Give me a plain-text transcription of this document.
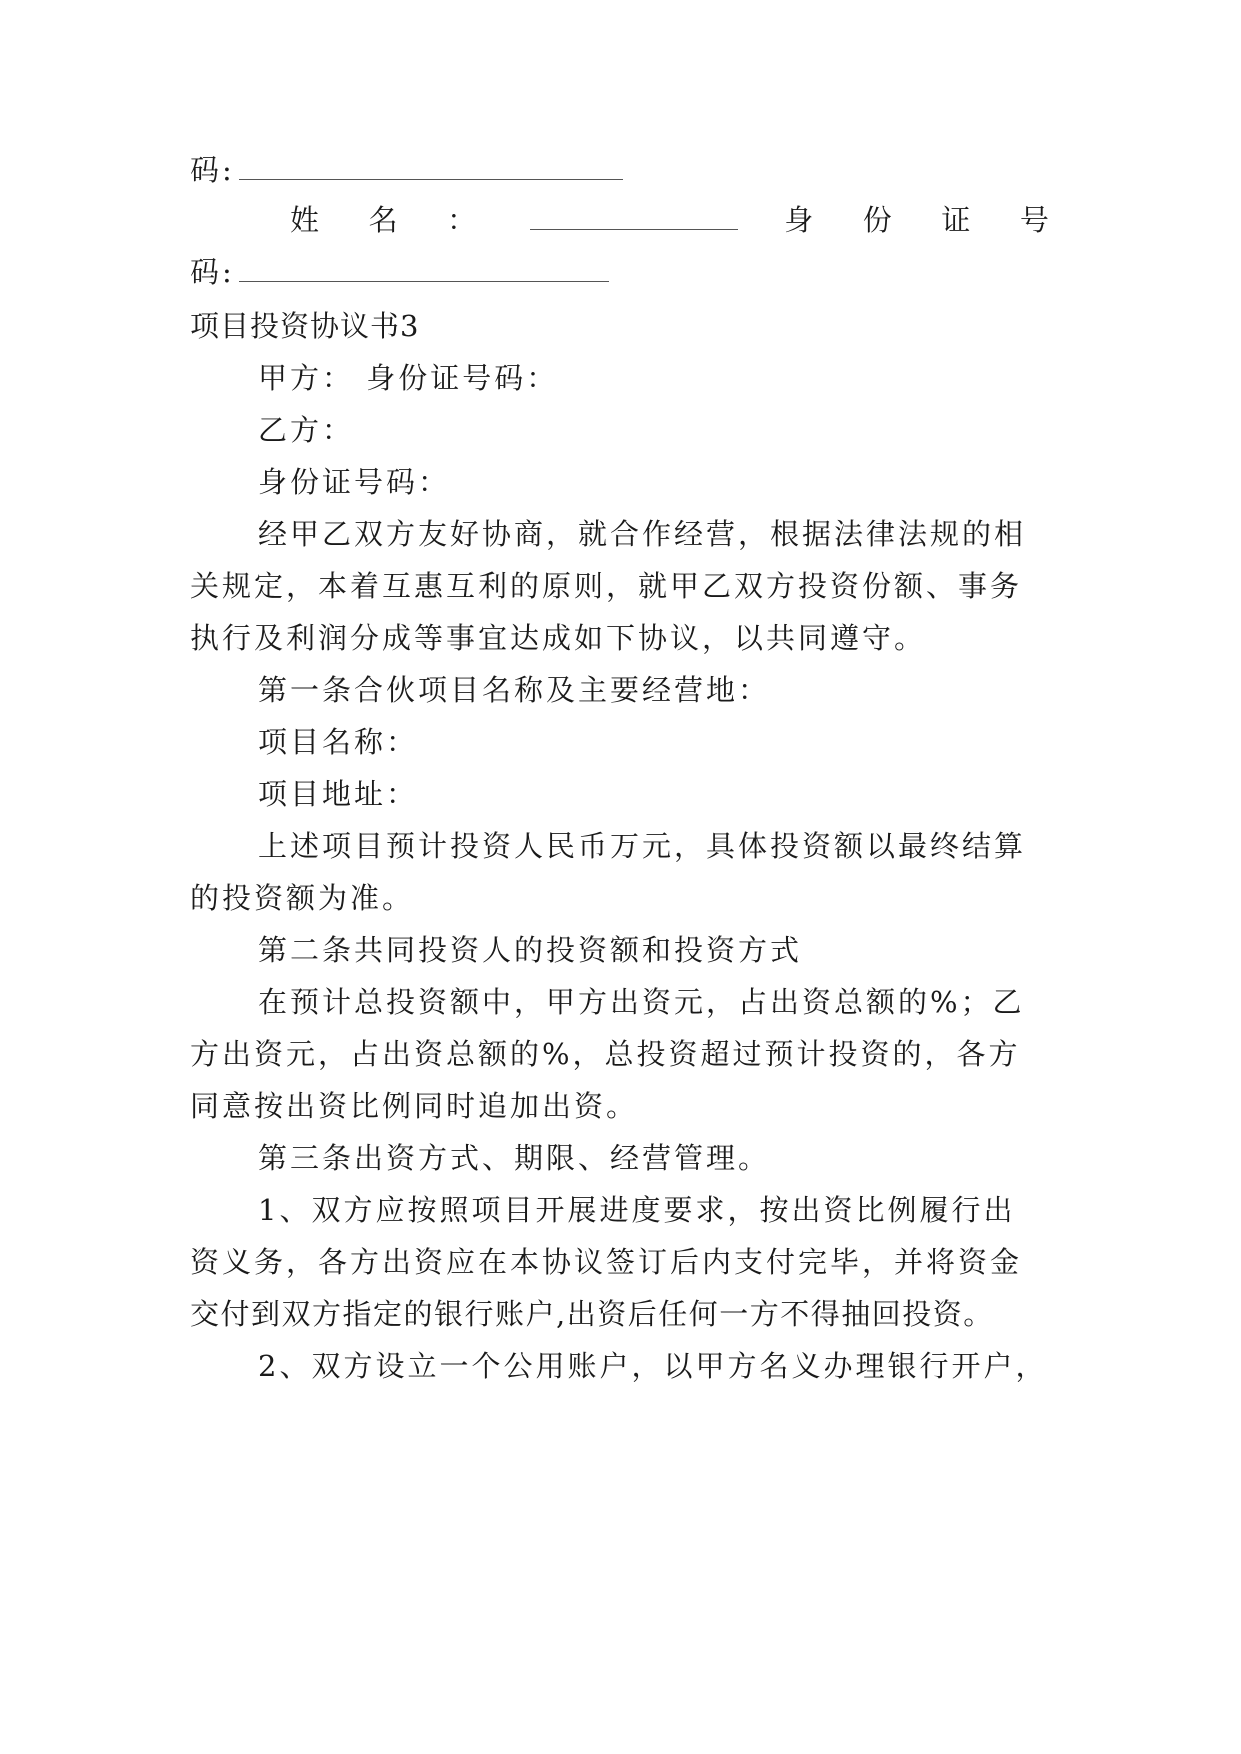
码:
姓 名 ：	身 份 证 号
码:
项目投资协议书3
甲方： 身份证号码：
乙方：
身份证号码：
经甲乙双方友好协商，就合作经营，根据法律法规的相
关规定，本着互惠互利的原则，就甲乙双方投资份额、事务
执行及利润分成等事宜达成如下协议，以共同遵守。
第一条合伙项目名称及主要经营地：
项目名称：
项目地址：
上述项目预计投资人民币万元，具体投资额以最终结算
的投资额为准。
第二条共同投资人的投资额和投资方式
在预计总投资额中，甲方出资元，占出资总额的%；乙
方出资元，占出资总额的%，总投资超过预计投资的，各方
同意按出资比例同时追加出资。
第三条出资方式、期限、经营管理。
1、双方应按照项目开展进度要求，按出资比例履行出
资义务，各方出资应在本协议签订后内支付完毕，并将资金
交付到双方指定的银行账户,出资后任何一方不得抽回投资。
2、双方设立一个公用账户，以甲方名义办理银行开户，
